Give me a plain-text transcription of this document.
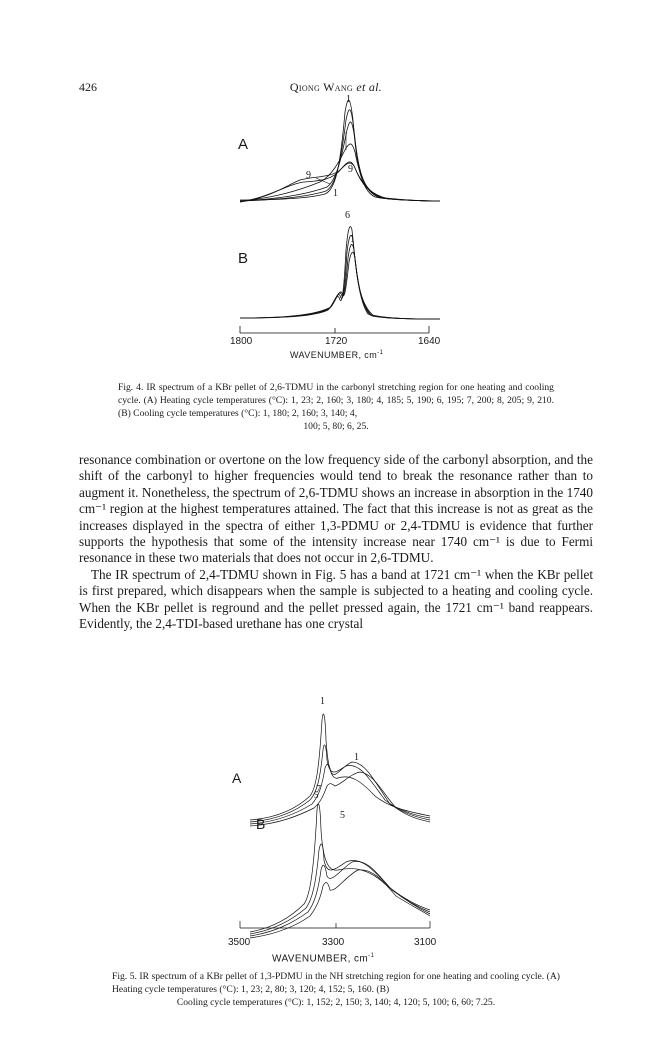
426	Qiong Wang et al.
A
B
1
9
9
1
6
1
1800	1720	1640
WAVENUMBER, $cm^{-1}$
Fig. 4. IR spectrum of a KBr pellet of 2,6-TDMU in the carbonyl stretching region for one heating and cooling cycle. (A) Heating cycle temperatures (°C): 1, 23; 2, 160; 3, 180; 4, 185; 5, 190; 6, 195; 7, 200; 8, 205; 9, 210. (B) Cooling cycle temperatures (°C): 1, 180; 2, 160; 3, 140; 4,
100; 5, 80; 6, 25.

resonance combination or overtone on the low frequency side of the carbonyl absorption, and the shift of the carbonyl to higher frequencies would tend to break the resonance rather than to augment it. Nonetheless, the spectrum of 2,6-TDMU shows an increase in absorption in the 1740 cm⁻¹ region at the highest temperatures attained. The fact that this increase is not as great as the increases displayed in the spectra of either 1,3-PDMU or 2,4-TDMU is evidence that further supports the hypothesis that some of the intensity increase near 1740 cm⁻¹ is due to Fermi resonance in these two materials that does not occur in 2,6-TDMU.

The IR spectrum of 2,4-TDMU shown in Fig. 5 has a band at 1721 cm⁻¹ when the KBr pellet is first prepared, which disappears when the sample is subjected to a heating and cooling cycle. When the KBr pellet is reground and the pellet pressed again, the 1721 cm⁻¹ band reappears. Evidently, the 2,4-TDI-based urethane has one crystal

A
B
1
1
5
5
7
3500	3300	3100
WAVENUMBER, $cm^{-1}$
Fig. 5. IR spectrum of a KBr pellet of 1,3-PDMU in the NH stretching region for one heating and cooling cycle. (A) Heating cycle temperatures (°C): 1, 23; 2, 80; 3, 120; 4, 152; 5, 160. (B)
Cooling cycle temperatures (°C): 1, 152; 2, 150; 3, 140; 4, 120; 5, 100; 6, 60; 7.25.
